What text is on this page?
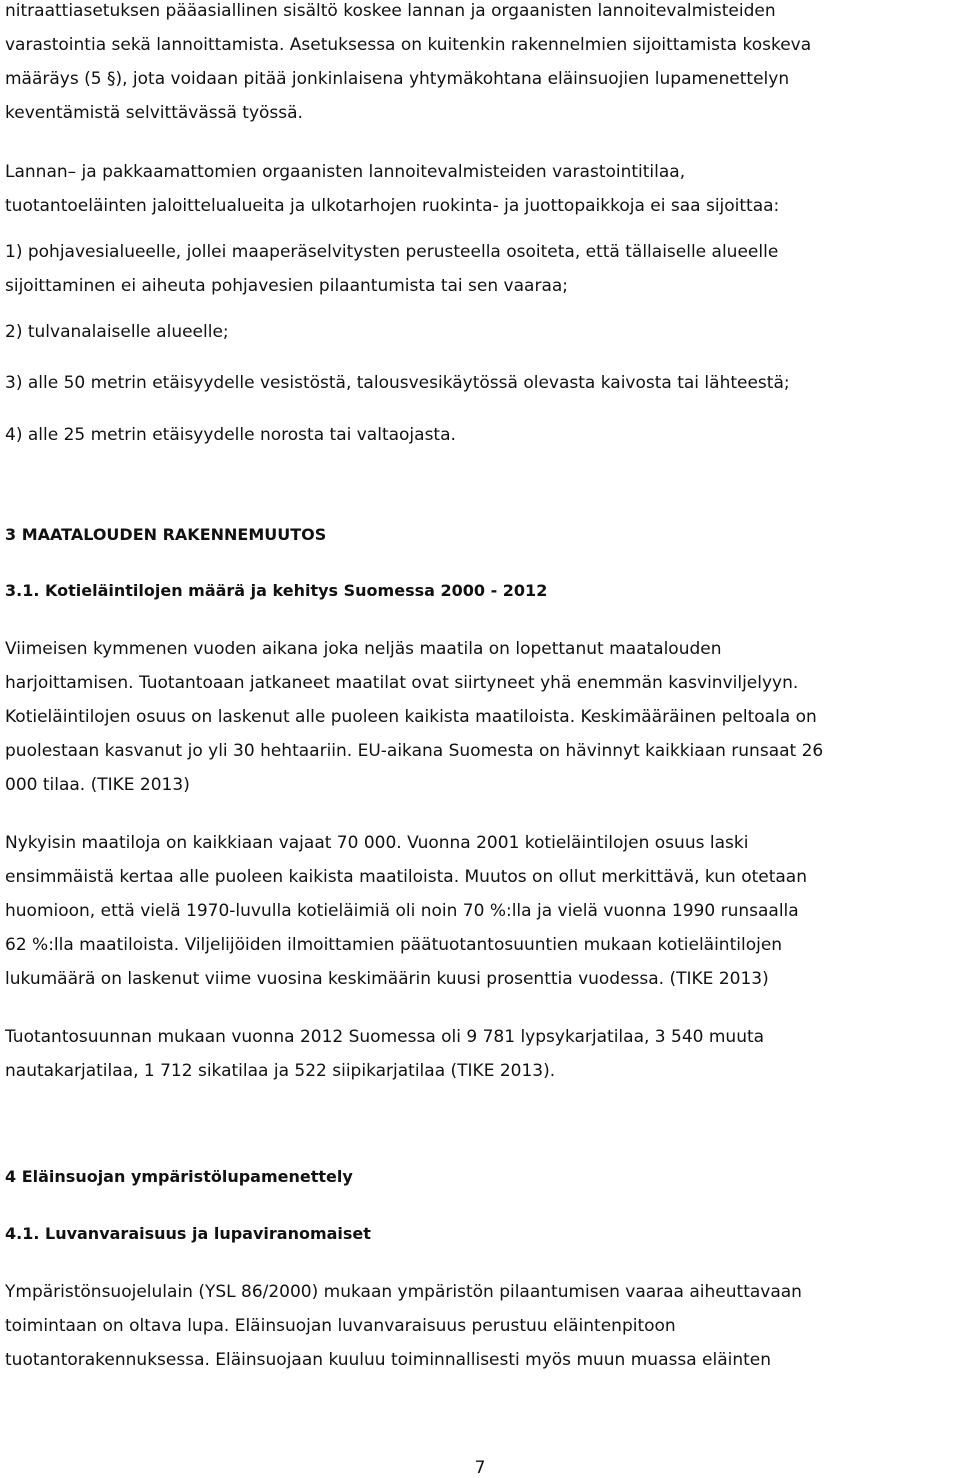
nitraattiasetuksen pääasiallinen sisältö koskee lannan ja orgaanisten lannoitevalmisteiden
varastointia sekä lannoittamista. Asetuksessa on kuitenkin rakennelmien sijoittamista koskeva
määräys (5 §), jota voidaan pitää jonkinlaisena yhtymäkohtana eläinsuojien lupamenettelyn
keventämistä selvittävässä työssä.

Lannan– ja pakkaamattomien orgaanisten lannoitevalmisteiden varastointitilaa,
tuotantoeläinten jaloittelualueita ja ulkotarhojen ruokinta- ja juottopaikkoja ei saa sijoittaa:

1) pohjavesialueelle, jollei maaperäselvitysten perusteella osoiteta, että tällaiselle alueelle
sijoittaminen ei aiheuta pohjavesien pilaantumista tai sen vaaraa;

2) tulvanalaiselle alueelle;

3) alle 50 metrin etäisyydelle vesistöstä, talousvesikäytössä olevasta kaivosta tai lähteestä;

4) alle 25 metrin etäisyydelle norosta tai valtaojasta.

3 MAATALOUDEN RAKENNEMUUTOS
3.1. Kotieläintilojen määrä ja kehitys Suomessa 2000 - 2012

Viimeisen kymmenen vuoden aikana joka neljäs maatila on lopettanut maatalouden
harjoittamisen. Tuotantoaan jatkaneet maatilat ovat siirtyneet yhä enemmän kasvinviljelyyn.
Kotieläintilojen osuus on laskenut alle puoleen kaikista maatiloista. Keskimääräinen peltoala on
puolestaan kasvanut jo yli 30 hehtaariin. EU-aikana Suomesta on hävinnyt kaikkiaan runsaat 26
000 tilaa. (TIKE 2013)

Nykyisin maatiloja on kaikkiaan vajaat 70 000. Vuonna 2001 kotieläintilojen osuus laski
ensimmäistä kertaa alle puoleen kaikista maatiloista. Muutos on ollut merkittävä, kun otetaan
huomioon, että vielä 1970-luvulla kotieläimiä oli noin 70 %:lla ja vielä vuonna 1990 runsaalla
62 %:lla maatiloista. Viljelijöiden ilmoittamien päätuotantosuuntien mukaan kotieläintilojen
lukumäärä on laskenut viime vuosina keskimäärin kuusi prosenttia vuodessa. (TIKE 2013)

Tuotantosuunnan mukaan vuonna 2012 Suomessa oli 9 781 lypsykarjatilaa, 3 540 muuta
nautakarjatilaa, 1 712 sikatilaa ja 522 siipikarjatilaa (TIKE 2013).

4 Eläinsuojan ympäristölupamenettely
4.1. Luvanvaraisuus ja lupaviranomaiset

Ympäristönsuojelulain (YSL 86/2000) mukaan ympäristön pilaantumisen vaaraa aiheuttavaan
toimintaan on oltava lupa. Eläinsuojan luvanvaraisuus perustuu eläintenpitoon
tuotantorakennuksessa. Eläinsuojaan kuuluu toiminnallisesti myös muun muassa eläinten

7
